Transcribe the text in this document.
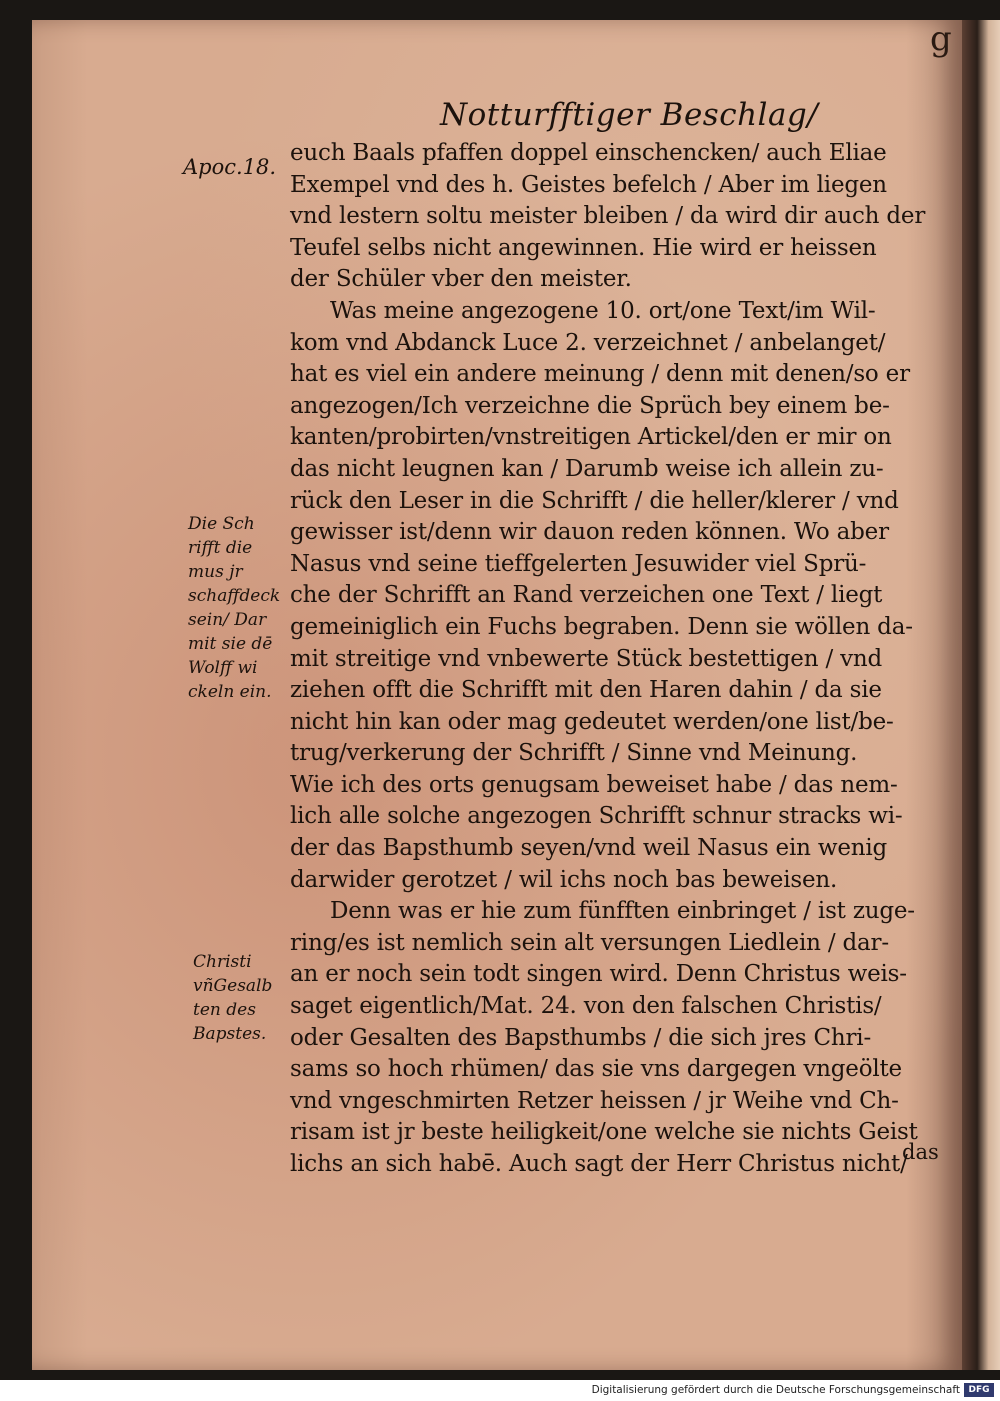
g
Notturfftiger Beschlag/
Apoc.18.
Die Sch
rifft die
mus jr
schaffdeck
sein/ Dar
mit sie dē
Wolff wi
ckeln ein.
Christi
vñGesalb
ten des
Bapstes.
euch Baals pfaffen doppel einschencken/ auch Eliae
Exempel vnd des h. Geistes befelch / Aber im liegen
vnd lestern soltu meister bleiben / da wird dir auch der
Teufel selbs nicht angewinnen. Hie wird er heissen
der Schüler vber den meister.
Was meine angezogene 10. ort/one Text/im Wil-
kom vnd Abdanck Luce 2. verzeichnet / anbelanget/
hat es viel ein andere meinung / denn mit denen/so er
angezogen/Ich verzeichne die Sprüch bey einem be-
kanten/probirten/vnstreitigen Artickel/den er mir on
das nicht leugnen kan / Darumb weise ich allein zu-
rück den Leser in die Schrifft / die heller/klerer / vnd
gewisser ist/denn wir dauon reden können. Wo aber
Nasus vnd seine tieffgelerten Jesuwider viel Sprü-
che der Schrifft an Rand verzeichen one Text / liegt
gemeiniglich ein Fuchs begraben. Denn sie wöllen da-
mit streitige vnd vnbewerte Stück bestettigen / vnd
ziehen offt die Schrifft mit den Haren dahin / da sie
nicht hin kan oder mag gedeutet werden/one list/be-
trug/verkerung der Schrifft / Sinne vnd Meinung.
Wie ich des orts genugsam beweiset habe / das nem-
lich alle solche angezogen Schrifft schnur stracks wi-
der das Bapsthumb seyen/vnd weil Nasus ein wenig
darwider gerotzet / wil ichs noch bas beweisen.
Denn was er hie zum fünfften einbringet / ist zuge-
ring/es ist nemlich sein alt versungen Liedlein / dar-
an er noch sein todt singen wird. Denn Christus weis-
saget eigentlich/Mat. 24. von den falschen Christis/
oder Gesalten des Bapsthumbs / die sich jres Chri-
sams so hoch rhümen/ das sie vns dargegen vngeölte
vnd vngeschmirten Retzer heissen / jr Weihe vnd Ch-
risam ist jr beste heiligkeit/one welche sie nichts Geist
lichs an sich habē. Auch sagt der Herr Christus nicht/
das
Digitalisierung gefördert durch die Deutsche Forschungsgemeinschaft DFG
